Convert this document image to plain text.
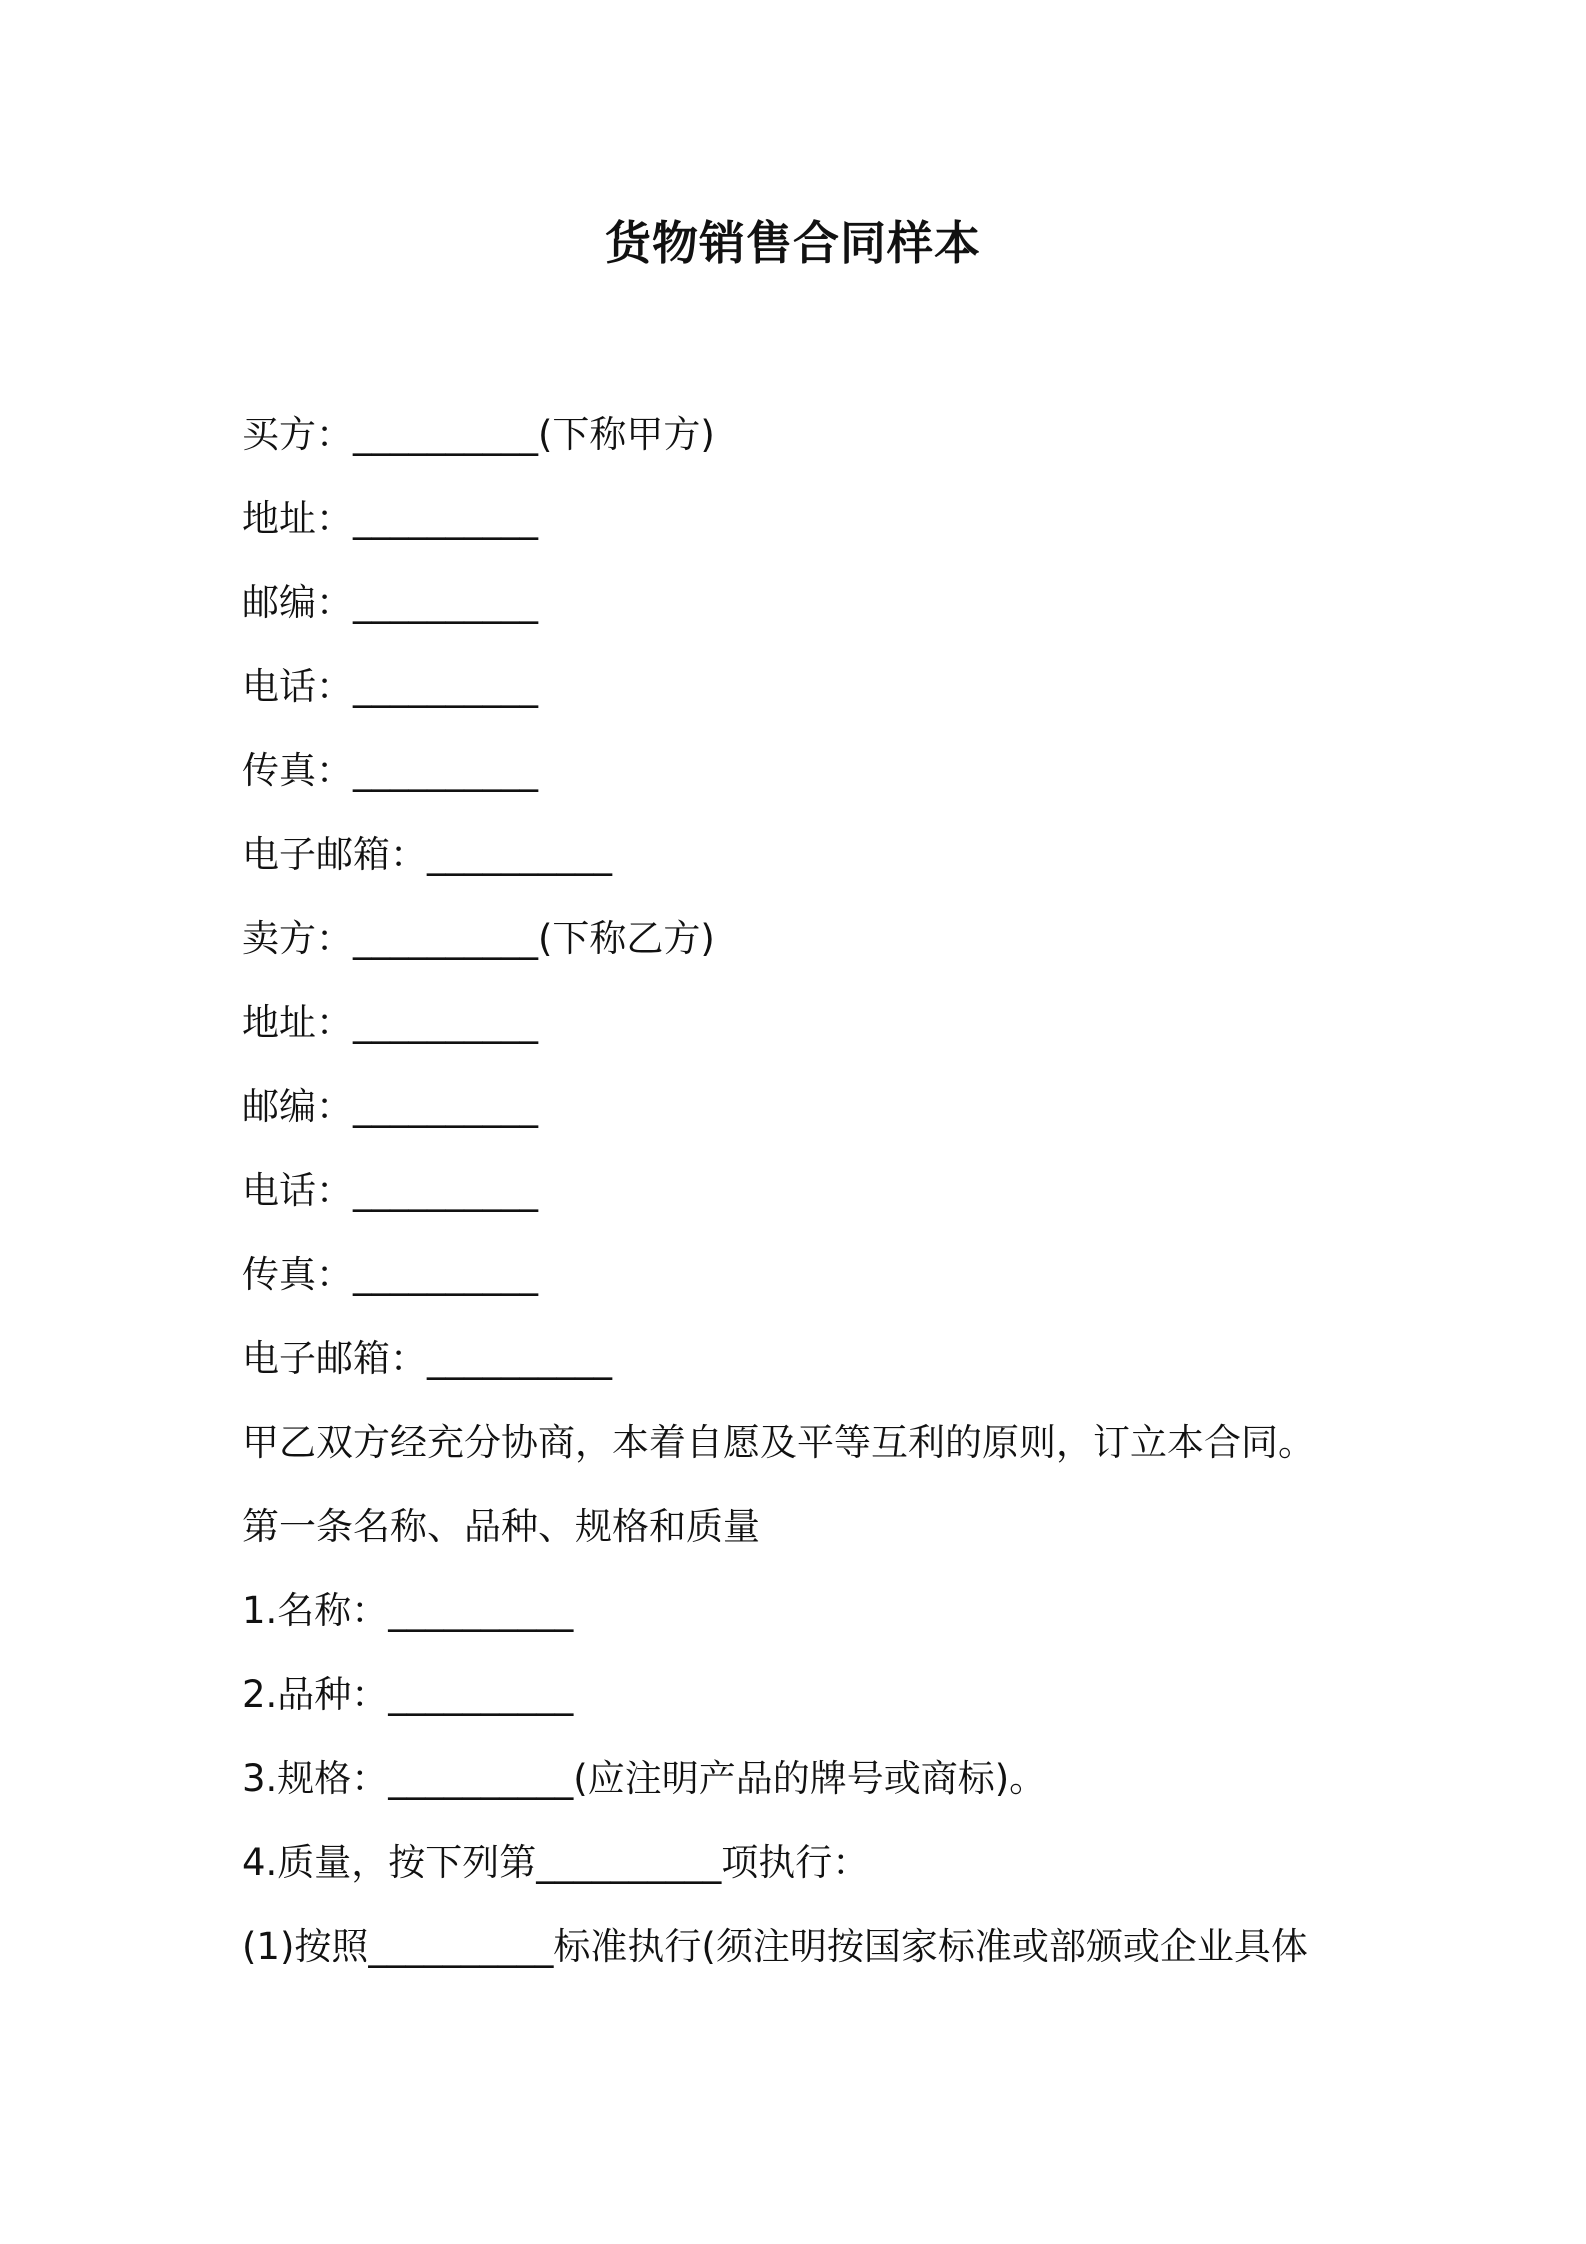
货物销售合同样本
买方：__________(下称甲方)
地址：__________
邮编：__________
电话：__________
传真：__________
电子邮箱：__________
卖方：__________(下称乙方)
地址：__________
邮编：__________
电话：__________
传真：__________
电子邮箱：__________
甲乙双方经充分协商，本着自愿及平等互利的原则，订立本合同。
第一条名称、品种、规格和质量
1.名称：__________
2.品种：__________
3.规格：__________(应注明产品的牌号或商标)。
4.质量，按下列第__________项执行：
(1)按照__________标准执行(须注明按国家标准或部颁或企业具体
